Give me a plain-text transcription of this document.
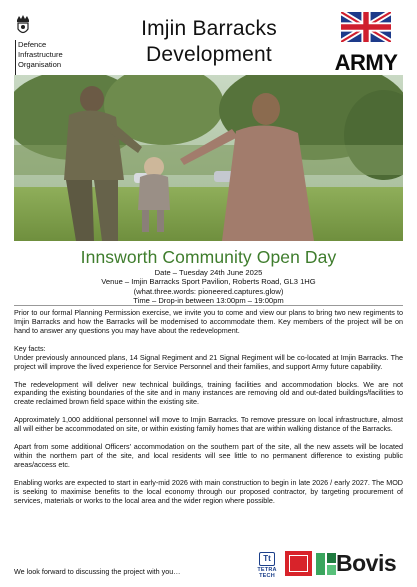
Defence
Infrastructure
Organisation
Imjin Barracks
Development	ARMY
Innsworth Community Open Day
Date – Tuesday 24th June 2025
Venue – Imjin Barracks Sport Pavilion, Roberts Road, GL3 1HG
(what.three.words: pioneered.captures.glow)
Time – Drop-in between 13:00pm – 19:00pm

Prior to our formal Planning Permission exercise, we invite you to come and view our plans to bring two new regiments to Imjin Barracks and how the Barracks will be modernised to accommodate them. Key members of the project will be on hand to answer any questions you may have about the redevelopment.

Key facts:

Under previously announced plans, 14 Signal Regiment and 21 Signal Regiment will be co-located at Imjin Barracks. The project will improve the lived experience for Service Personnel and their families, and support Army future capability.

The redevelopment will deliver new technical buildings, training facilities and accommodation blocks. We are not expanding the existing boundaries of the site and in many instances are removing old and out-dated buildings/facilities to create reclaimed brown field space within the existing site.

Approximately 1,000 additional personnel will move to Imjin Barracks. To remove pressure on local infrastructure, almost all will either be accommodated on site, or within existing family homes that are within walking distance of the Barracks.

Apart from some additional Officers' accommodation on the southern part of the site, all the new assets will be located within the northern part of the site, and local residents will see little to no permanent difference to existing public areas/access etc.

Enabling works are expected to start in early-mid 2026 with main construction to begin in late 2026 / early 2027. The MOD is seeking to maximise benefits to the local economy through our proposed contractor, by targeting procurement of services, materials or works to the local area and the wider region where possible.

We look forward to discussing the project with you…

Tt
TETRA TECH	Bovis
